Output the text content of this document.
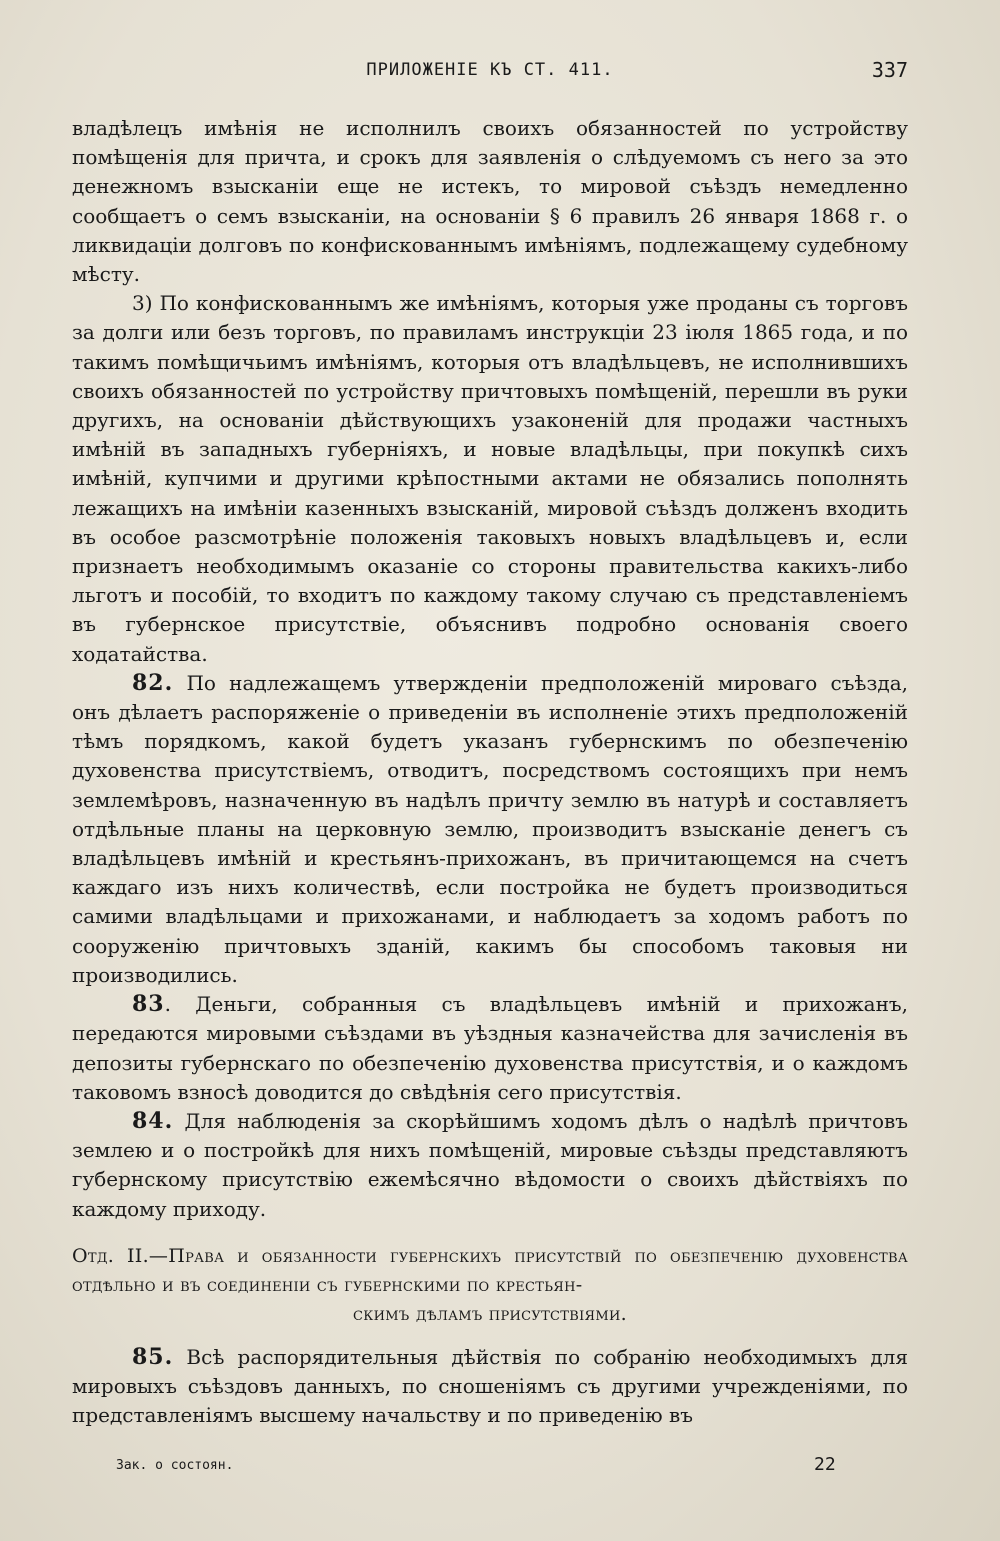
ПРИЛОЖЕНІЕ КЪ СТ. 411.	337

владѣлецъ имѣнія не исполнилъ своихъ обязанностей по устройству помѣщенія для причта, и срокъ для заявленія о слѣдуемомъ съ него за это денежномъ взысканіи еще не истекъ, то мировой съѣздъ немедленно сообщаетъ о семъ взысканіи, на основаніи § 6 правилъ 26 января 1868 г. о ликвидаціи долговъ по конфискованнымъ имѣніямъ, подлежащему судебному мѣсту.

3) По конфискованнымъ же имѣніямъ, которыя уже проданы съ торговъ за долги или безъ торговъ, по правиламъ инструкціи 23 іюля 1865 года, и по такимъ помѣщичьимъ имѣніямъ, которыя отъ владѣльцевъ, не исполнившихъ своихъ обязанностей по устройству причтовыхъ помѣщеній, перешли въ руки другихъ, на основаніи дѣйствующихъ узаконеній для продажи частныхъ имѣній въ западныхъ губерніяхъ, и новые владѣльцы, при покупкѣ сихъ имѣній, купчими и другими крѣпостными актами не обязались пополнять лежащихъ на имѣніи казенныхъ взысканій, мировой съѣздъ долженъ входить въ особое разсмотрѣніе положенія таковыхъ новыхъ владѣльцевъ и, если признаетъ необходимымъ оказаніе со стороны правительства какихъ-либо льготъ и пособій, то входитъ по каждому такому случаю съ представленіемъ въ губернское присутствіе, объяснивъ подробно основанія своего ходатайства.

82. По надлежащемъ утвержденіи предположеній мироваго съѣзда, онъ дѣлаетъ распоряженіе о приведеніи въ исполненіе этихъ предположеній тѣмъ порядкомъ, какой будетъ указанъ губернскимъ по обезпеченію духовенства присутствіемъ, отводитъ, посредствомъ состоящихъ при немъ землемѣровъ, назначенную въ надѣлъ причту землю въ натурѣ и составляетъ отдѣльные планы на церковную землю, производитъ взысканіе денегъ съ владѣльцевъ имѣній и крестьянъ-прихожанъ, въ причитающемся на счетъ каждаго изъ нихъ количествѣ, если постройка не будетъ производиться самими владѣльцами и прихожанами, и наблюдаетъ за ходомъ работъ по сооруженію причтовыхъ зданій, какимъ бы способомъ таковыя ни производились.

83. Деньги, собранныя съ владѣльцевъ имѣній и прихожанъ, передаются мировыми съѣздами въ уѣздныя казначейства для зачисленія въ депозиты губернскаго по обезпеченію духовенства присутствія, и о каждомъ таковомъ взносѣ доводится до свѣдѣнія сего присутствія.

84. Для наблюденія за скорѣйшимъ ходомъ дѣлъ о надѣлѣ причтовъ землею и о постройкѣ для нихъ помѣщеній, мировые съѣзды представляютъ губернскому присутствію ежемѣсячно вѣдомости о своихъ дѣйствіяхъ по каждому приходу.

Отд. II.—Права и обязанности губернскихъ присутствій по обезпеченію духовенства отдѣльно и въ соединеніи съ губернскими по крестьян-
скимъ дѣламъ присутствіями.

85. Всѣ распорядительныя дѣйствія по собранію необходимыхъ для мировыхъ съѣздовъ данныхъ, по сношеніямъ съ другими учрежденіями, по представленіямъ высшему начальству и по приведенію въ

Зак. о состоян.	22
